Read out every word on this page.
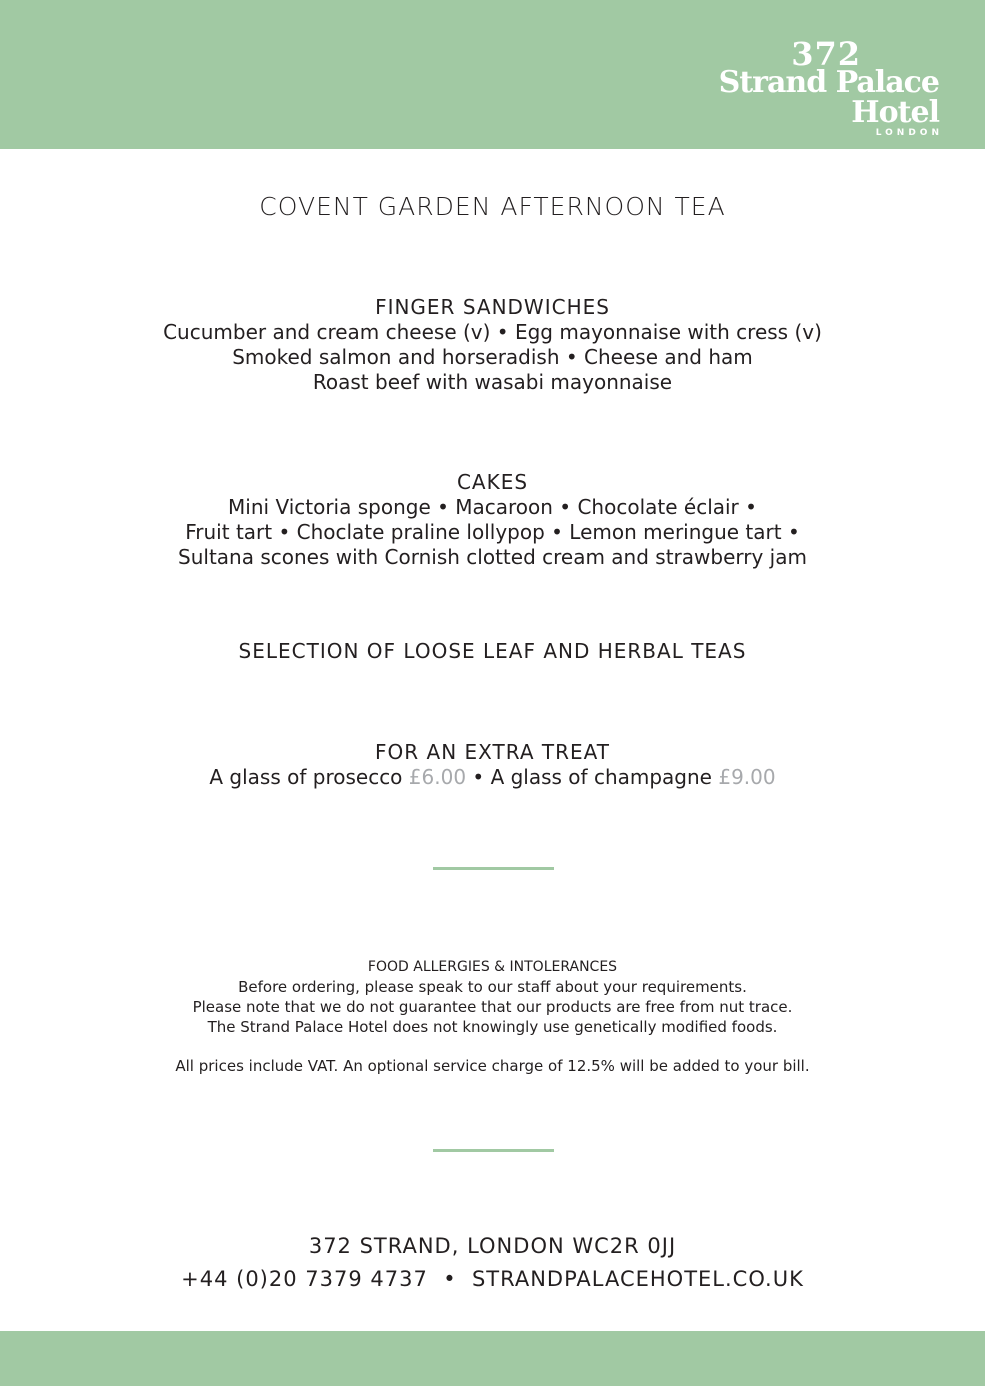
372
Strand Palace Hotel
LONDON
COVENT GARDEN AFTERNOON TEA
FINGER SANDWICHES
Cucumber and cream cheese (v) • Egg mayonnaise with cress (v)
Smoked salmon and horseradish • Cheese and ham
Roast beef with wasabi mayonnaise
CAKES
Mini Victoria sponge • Macaroon • Chocolate éclair •
Fruit tart • Choclate praline lollypop • Lemon meringue tart •
Sultana scones with Cornish clotted cream and strawberry jam
SELECTION OF LOOSE LEAF AND HERBAL TEAS
FOR AN EXTRA TREAT
A glass of prosecco £6.00 • A glass of champagne £9.00
FOOD ALLERGIES & INTOLERANCES
Before ordering, please speak to our staff about your requirements.
Please note that we do not guarantee that our products are free from nut trace.
The Strand Palace Hotel does not knowingly use genetically modified foods.
All prices include VAT. An optional service charge of 12.5% will be added to your bill.
372 STRAND, LONDON WC2R 0JJ
+44 (0)20 7379 4737 • STRANDPALACEHOTEL.CO.UK
